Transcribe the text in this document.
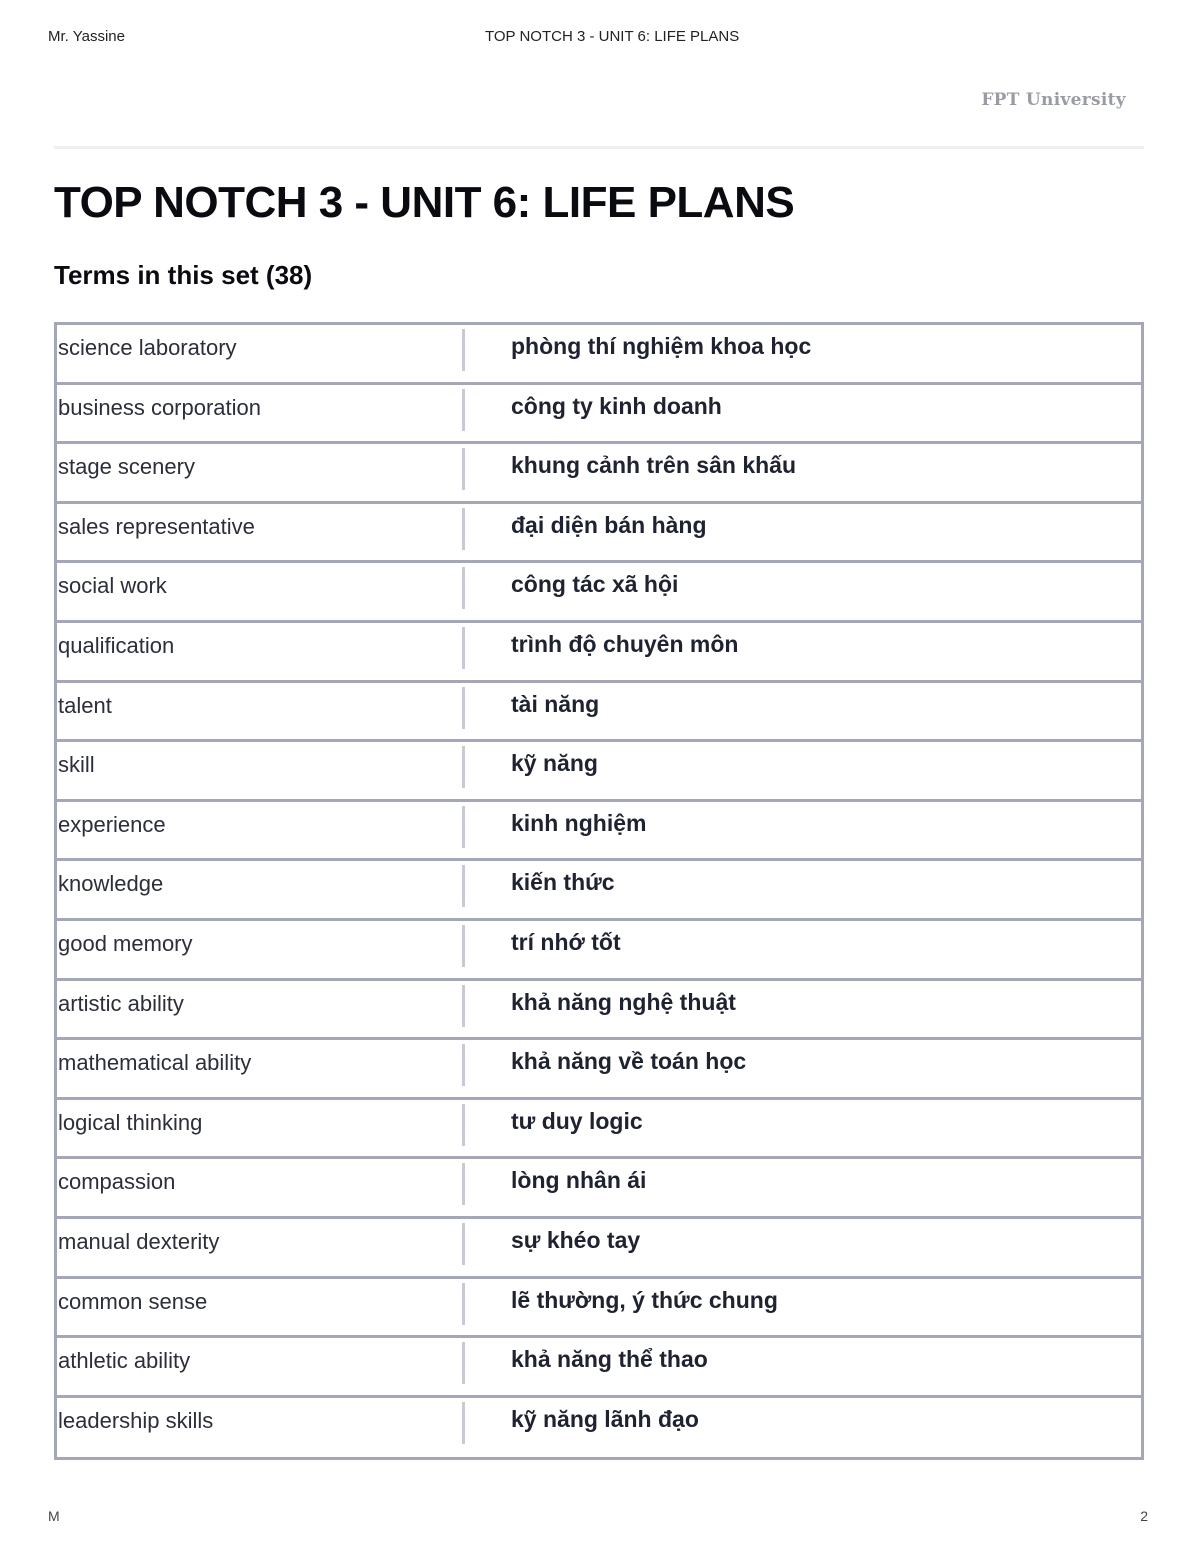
Mr. Yassine	TOP NOTCH 3 - UNIT 6: LIFE PLANS
FPT University
TOP NOTCH 3 - UNIT 6: LIFE PLANS
Terms in this set (38)
science laboratory	phòng thí nghiệm khoa học
business corporation	công ty kinh doanh
stage scenery	khung cảnh trên sân khấu
sales representative	đại diện bán hàng
social work	công tác xã hội
qualification	trình độ chuyên môn
talent	tài năng
skill	kỹ năng
experience	kinh nghiệm
knowledge	kiến thức
good memory	trí nhớ tốt
artistic ability	khả năng nghệ thuật
mathematical ability	khả năng về toán học
logical thinking	tư duy logic
compassion	lòng nhân ái
manual dexterity	sự khéo tay
common sense	lẽ thường, ý thức chung
athletic ability	khả năng thể thao
leadership skills	kỹ năng lãnh đạo
M	2
